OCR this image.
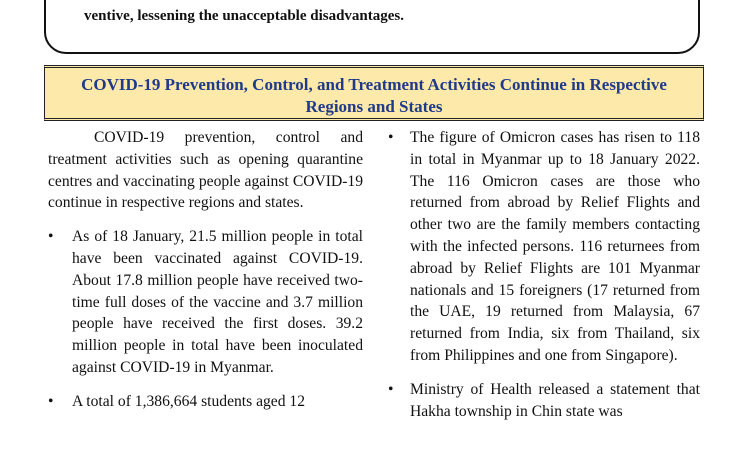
ventive, lessening the unacceptable disadvantages.
COVID-19 Prevention, Control, and Treatment Activities Continue in Respective
Regions and States

COVID-19 prevention, control and treatment activities such as opening quarantine centres and vaccinating people against COVID-19 continue in respective regions and states.

•	As of 18 January, 21.5 million people in total have been vaccinated against COVID-19. About 17.8 million people have received two-time full doses of the vaccine and 3.7 million people have received the first doses. 39.2 million people in total have been inoculated against COVID-19 in Myanmar.

•	A total of 1,386,664 students aged 12

•	The figure of Omicron cases has risen to 118 in total in Myanmar up to 18 January 2022. The 116 Omicron cases are those who returned from abroad by Relief Flights and other two are the family members contacting with the infected persons. 116 returnees from abroad by Relief Flights are 101 Myanmar nationals and 15 foreigners (17 returned from the UAE, 19 returned from Malaysia, 67 returned from India, six from Thailand, six from Philippines and one from Singapore).

•	Ministry of Health released a statement that Hakha township in Chin state was
